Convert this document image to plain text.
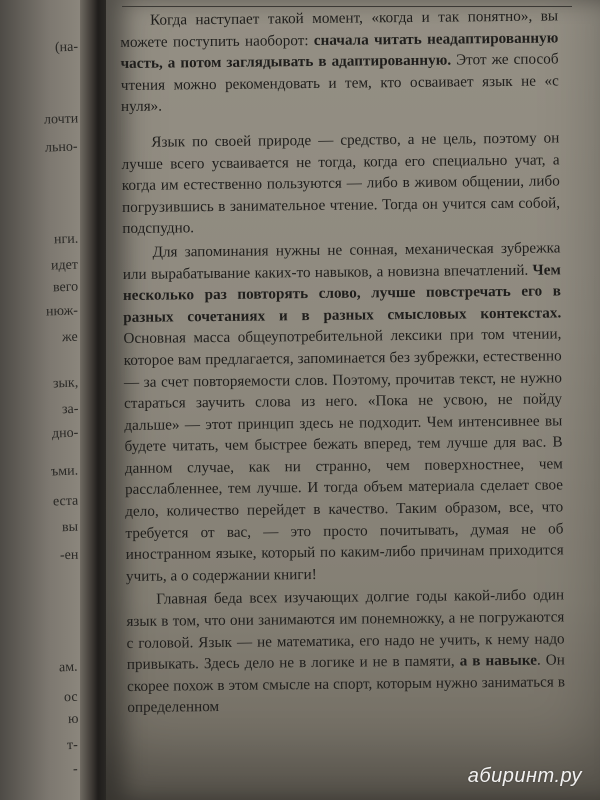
(на-
лочти
льно-
нги.
идет
вего
нюж-
же
зык,
за-
дно-
ъми.
еста
вы
-ен
ам.
ос
ю
т-
-

Когда наступает такой момент, «когда и так понятно», вы можете поступить наоборот: сначала читать неадаптированную часть, а потом заглядывать в адаптированную. Этот же способ чтения можно рекомендовать и тем, кто осваивает язык не «с нуля».

Язык по своей природе — средство, а не цель, поэтому он лучше всего усваивается не тогда, когда его специально учат, а когда им естественно пользуются — либо в живом общении, либо погрузившись в занимательное чтение. Тогда он учится сам собой, подспудно.

Для запоминания нужны не сонная, механическая зубрежка или вырабатывание каких-то навыков, а новизна впечатлений. Чем несколько раз повторять слово, лучше повстречать его в разных сочетаниях и в разных смысловых контекстах. Основная масса общеупотребительной лексики при том чтении, которое вам предлагается, запоминается без зубрежки, естественно — за счет повторяемости слов. Поэтому, прочитав текст, не нужно стараться заучить слова из него. «Пока не усвою, не пойду дальше» — этот принцип здесь не подходит. Чем интенсивнее вы будете читать, чем быстрее бежать вперед, тем лучше для вас. В данном случае, как ни странно, чем поверхностнее, чем расслабленнее, тем лучше. И тогда объем материала сделает свое дело, количество перейдет в качество. Таким образом, все, что требуется от вас, — это просто почитывать, думая не об иностранном языке, который по каким-либо причинам приходится учить, а о содержании книги!

Главная беда всех изучающих долгие годы какой-либо один язык в том, что они занимаются им понемножку, а не погружаются с головой. Язык — не математика, его надо не учить, к нему надо привыкать. Здесь дело не в логике и не в памяти, а в навыке. Он скорее похож в этом смысле на спорт, которым нужно заниматься в определенном

абиринт.ру
